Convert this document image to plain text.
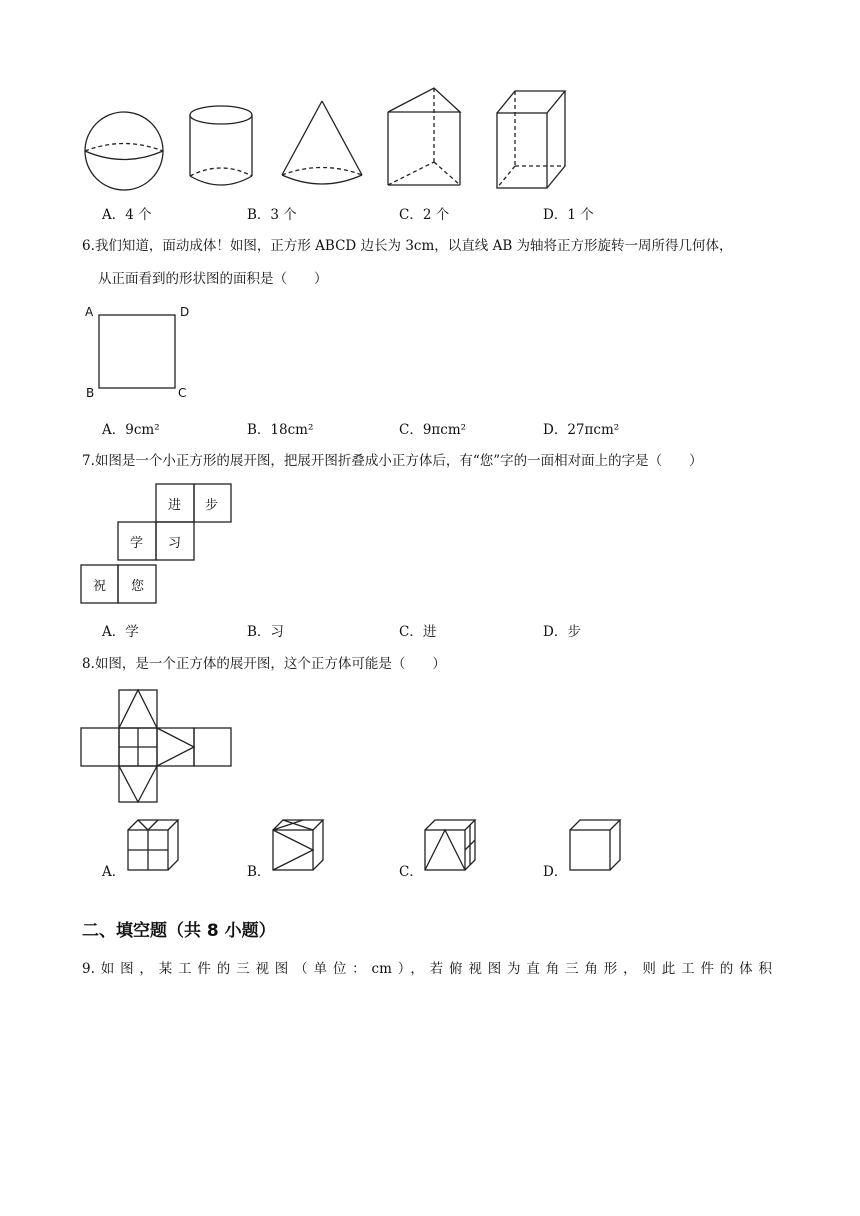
A．4 个	B．3 个	C．2 个	D．1 个
6.我们知道，面动成体！如图，正方形 ABCD 边长为 3cm，以直线 AB 为轴将正方形旋转一周所得几何体，
从正面看到的形状图的面积是（　　）
A	D
B	C
A．9cm²	B．18cm²	C．9πcm²	D．27πcm²
7.如图是一个小正方形的展开图，把展开图折叠成小正方体后，有“您”字的一面相对面上的字是（　　）
进 步
学 习
祝 您
A．学	B．习	C．进	D．步
8.如图，是一个正方体的展开图，这个正方体可能是（　　）
A．	B．	C．	D．
二、填空题（共 8 小题）
9.如图，某工件的三视图（单位：cm），若俯视图为直角三角形，则此工件的体积
